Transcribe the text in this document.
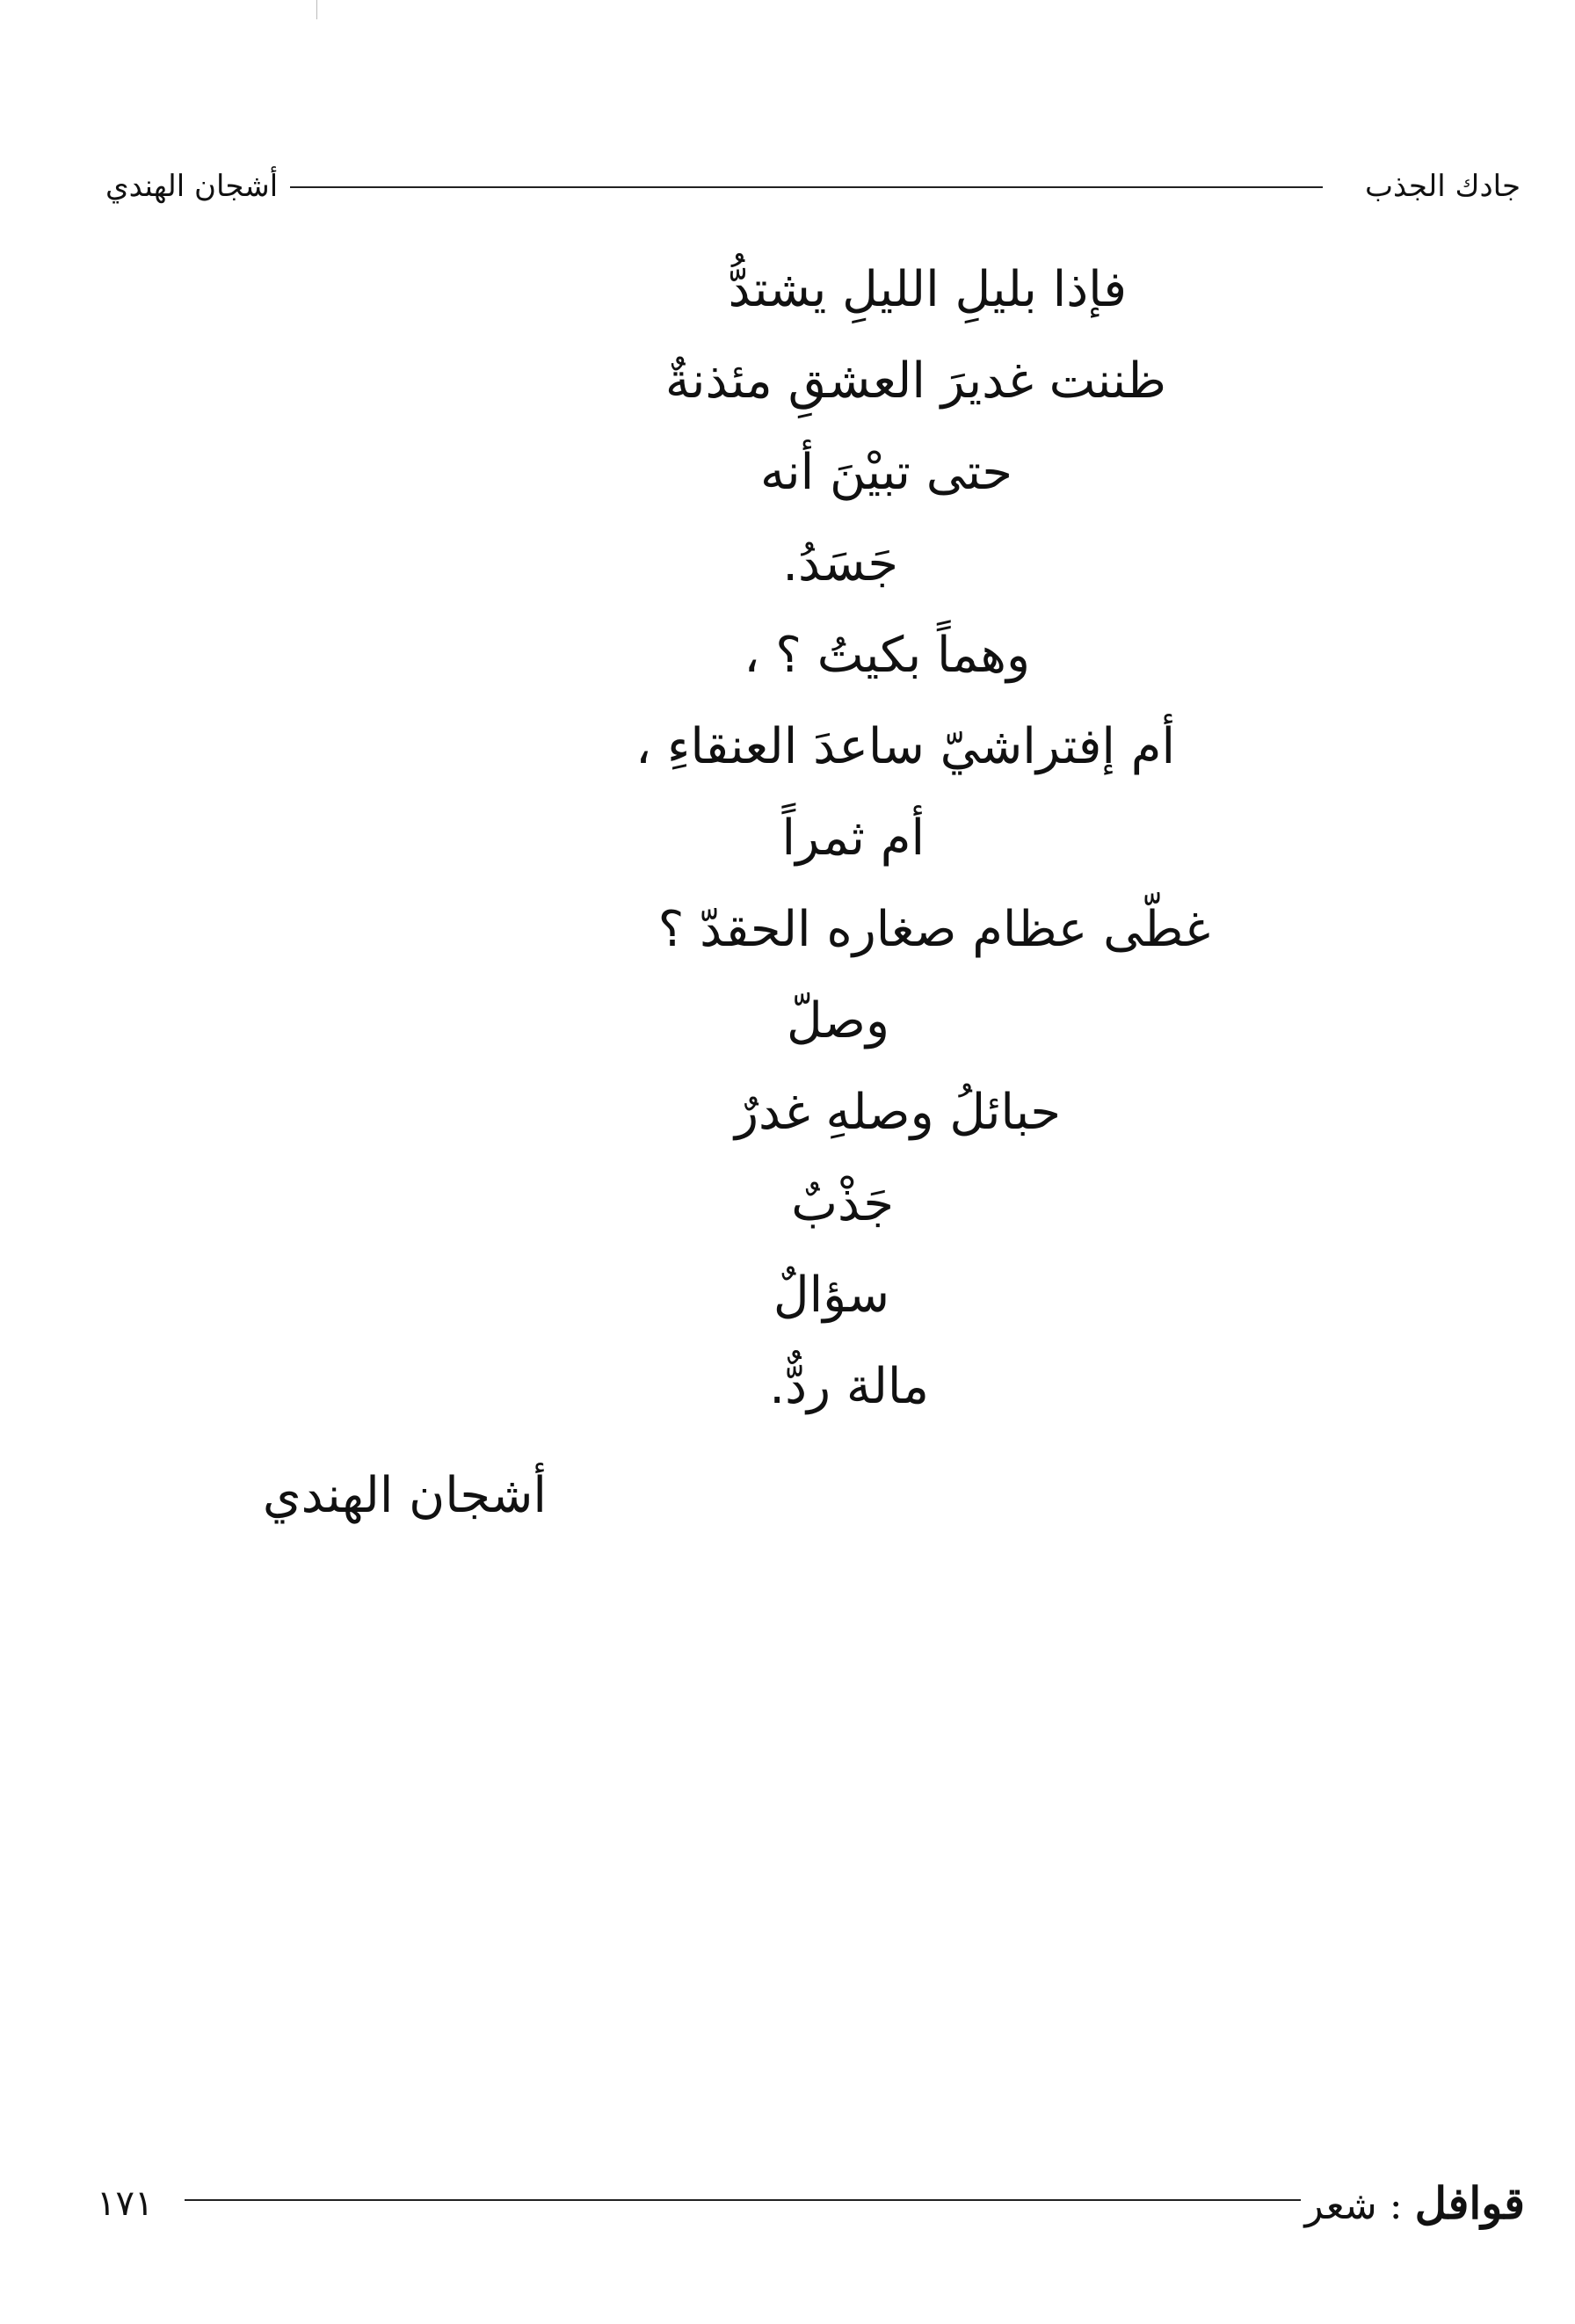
جادك الجذب
أشجان الهندي
فإذا بليلِ الليلِ يشتدُّ
ظننت غديرَ العشقِ مئذنةٌ
حتى تبيْنَ أنه
جَسَدُ.
وهماً بكيتُ ؟ ،
أم إفتراشيّ ساعدَ العنقاءِ ،
أم ثمراً
غطّى عظام صغاره الحقدّ ؟
وصلّ
حبائلُ وصلهِ غدرٌ
جَذْبٌ
سؤالٌ
مالة ردٌّ.
أشجان الهندي
قوافل : شعر
١٧١
